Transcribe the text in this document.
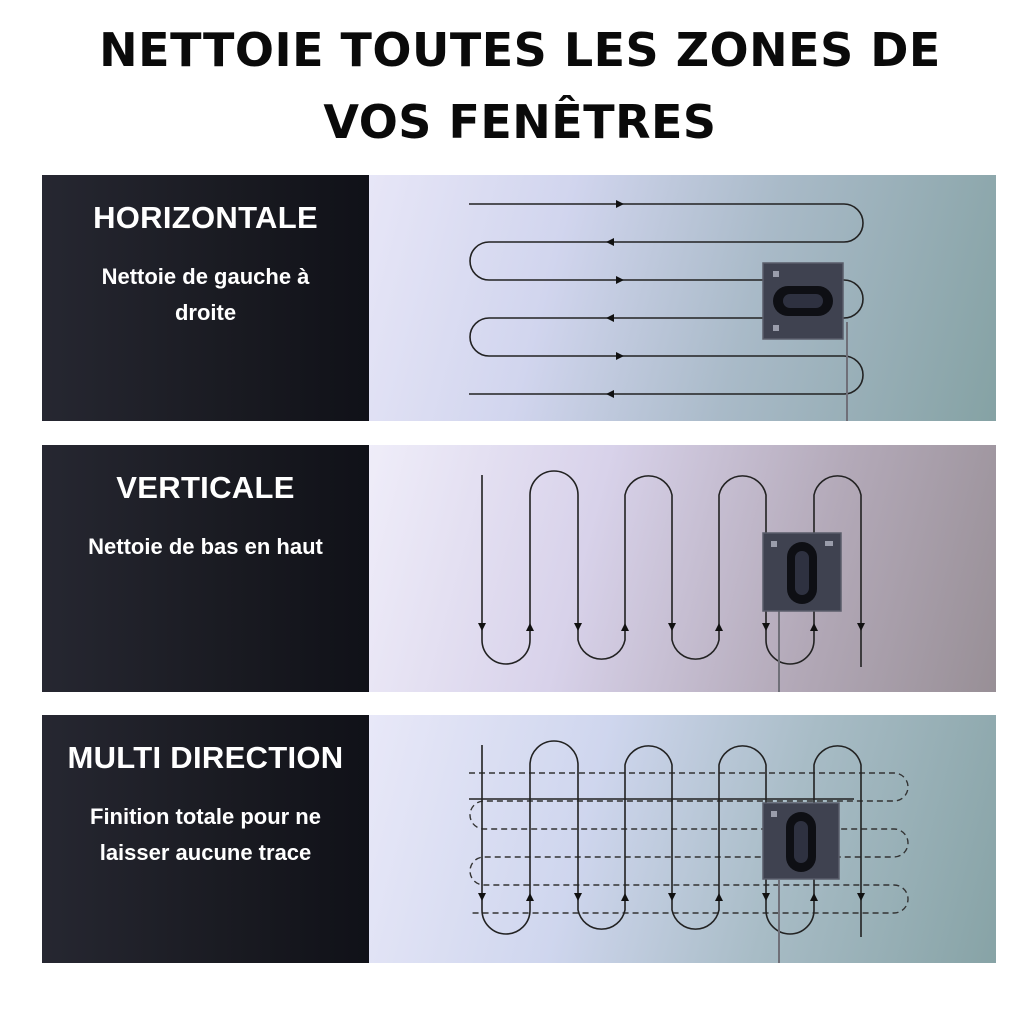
NETTOIE TOUTES LES ZONES DE VOS FENÊTRES
HORIZONTALE
Nettoie de gauche à droite
VERTICALE
Nettoie de bas en haut
MULTI DIRECTION
Finition totale pour ne laisser aucune trace
